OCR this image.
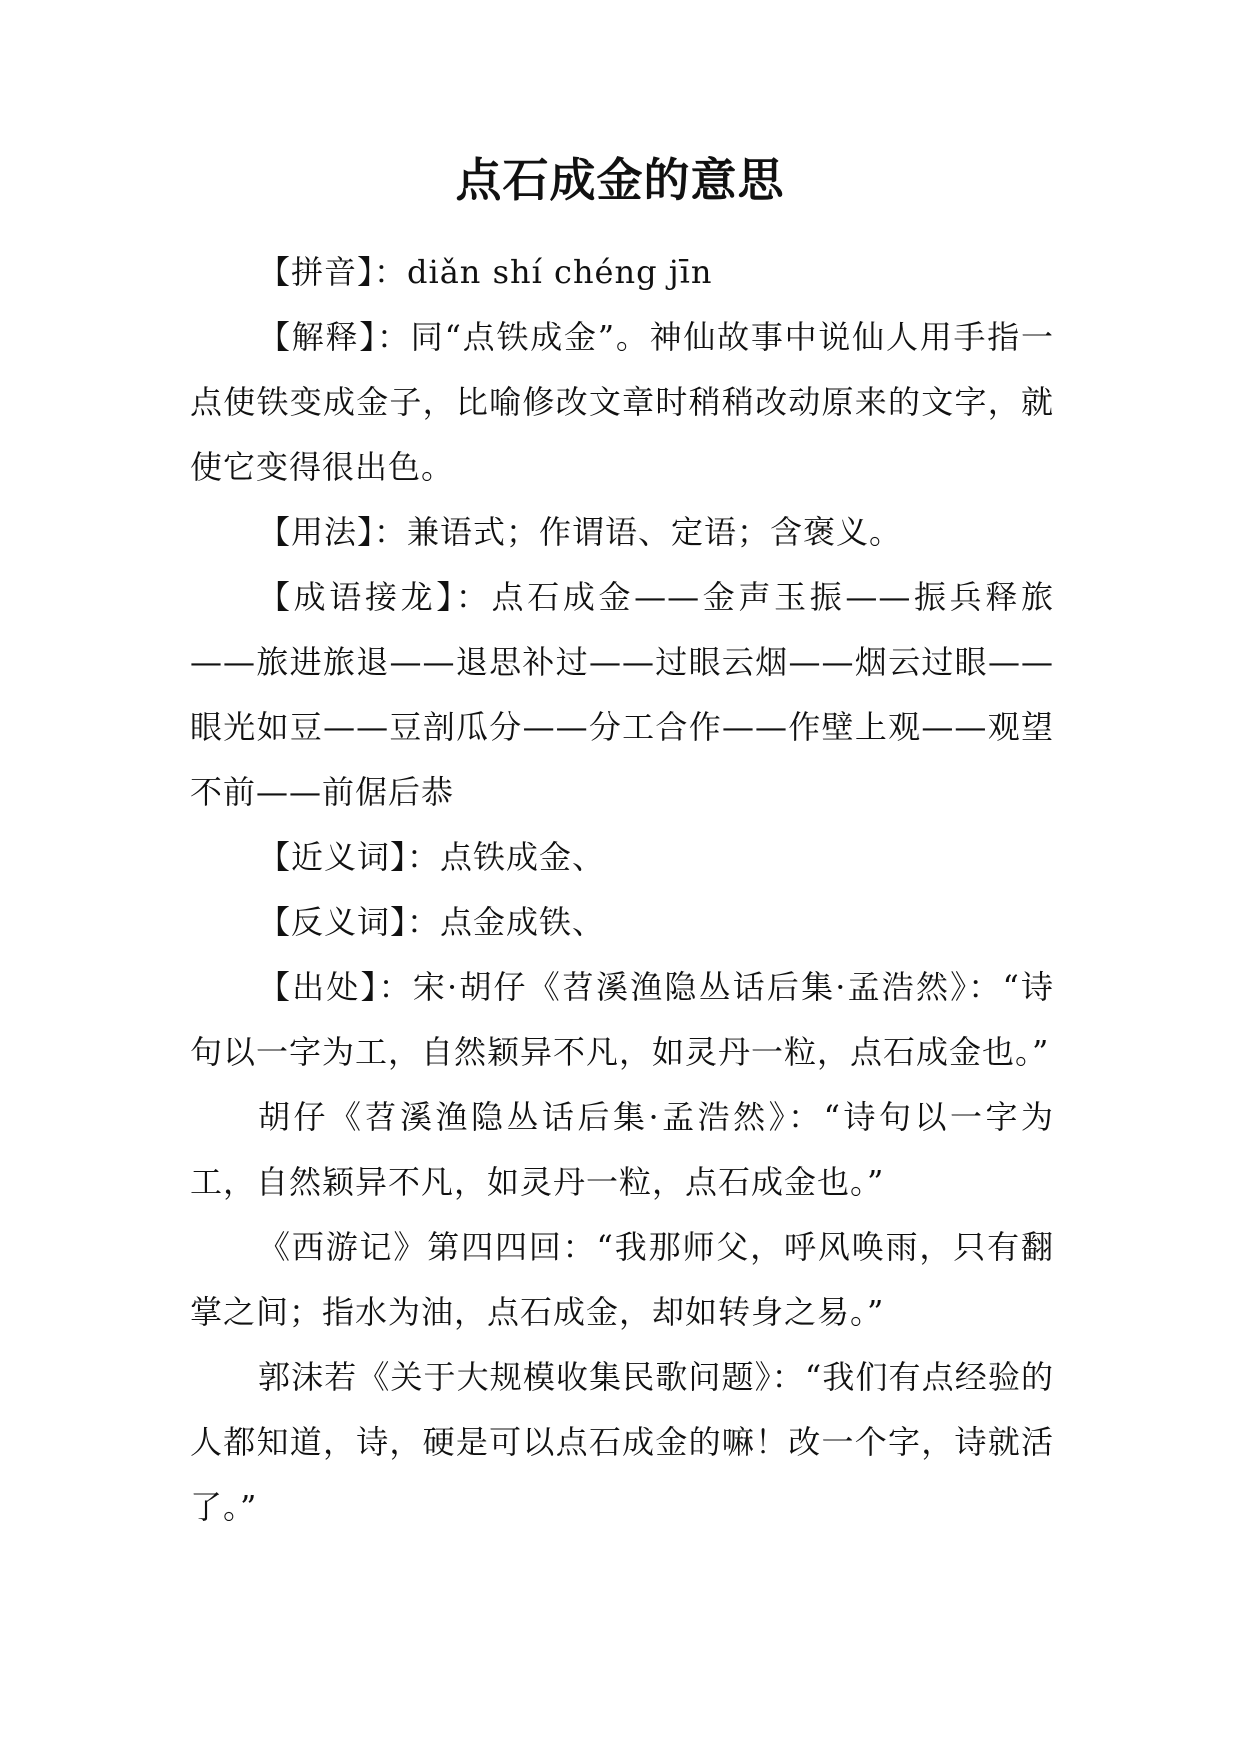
点石成金的意思

【拼音】：diǎn shí chéng jīn

【解释】：同“点铁成金”。神仙故事中说仙人用手指一点使铁变成金子，比喻修改文章时稍稍改动原来的文字，就使它变得很出色。

【用法】：兼语式；作谓语、定语；含褒义。

【成语接龙】：点石成金——金声玉振——振兵释旅——旅进旅退——退思补过——过眼云烟——烟云过眼——眼光如豆——豆剖瓜分——分工合作——作壁上观——观望不前——前倨后恭

【近义词】：点铁成金、

【反义词】：点金成铁、

【出处】：宋·胡仔《苕溪渔隐丛话后集·孟浩然》：“诗句以一字为工，自然颖异不凡，如灵丹一粒，点石成金也。”

胡仔《苕溪渔隐丛话后集·孟浩然》：“诗句以一字为工，自然颖异不凡，如灵丹一粒，点石成金也。”

《西游记》第四四回：“我那师父，呼风唤雨，只有翻掌之间；指水为油，点石成金，却如转身之易。”

郭沫若《关于大规模收集民歌问题》：“我们有点经验的人都知道，诗，硬是可以点石成金的嘛！改一个字，诗就活了。”
